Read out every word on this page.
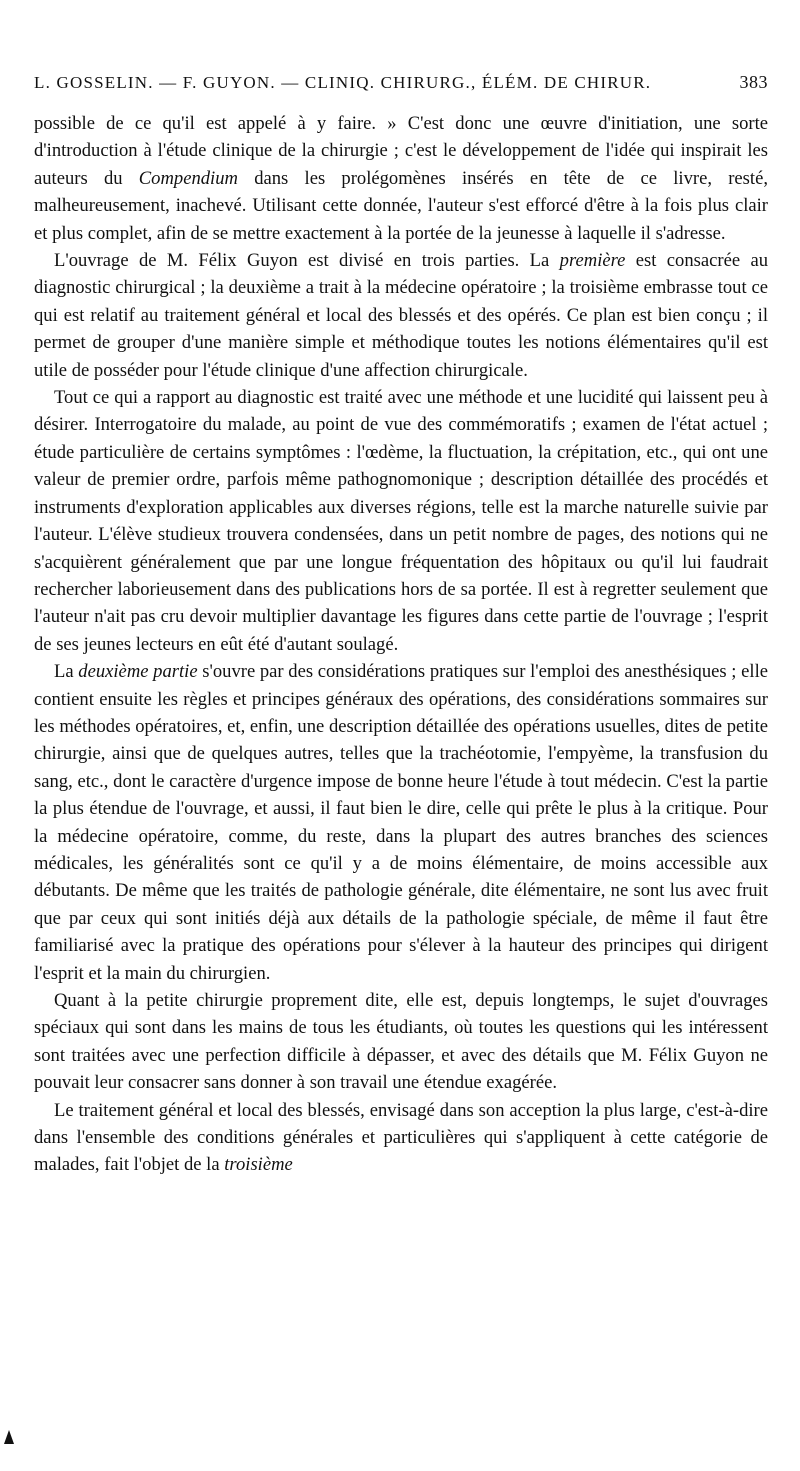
L. GOSSELIN. — F. GUYON. — CLINIQ. CHIRURG., ÉLÉM. DE CHIRUR.	383

possible de ce qu'il est appelé à y faire. » C'est donc une œuvre d'initiation, une sorte d'introduction à l'étude clinique de la chirurgie ; c'est le développement de l'idée qui inspirait les auteurs du Compendium dans les prolégomènes insérés en tête de ce livre, resté, malheureusement, inachevé. Utilisant cette donnée, l'auteur s'est efforcé d'être à la fois plus clair et plus complet, afin de se mettre exactement à la portée de la jeunesse à laquelle il s'adresse.

L'ouvrage de M. Félix Guyon est divisé en trois parties. La première est consacrée au diagnostic chirurgical ; la deuxième a trait à la médecine opératoire ; la troisième embrasse tout ce qui est relatif au traitement général et local des blessés et des opérés. Ce plan est bien conçu ; il permet de grouper d'une manière simple et méthodique toutes les notions élémentaires qu'il est utile de posséder pour l'étude clinique d'une affection chirurgicale.

Tout ce qui a rapport au diagnostic est traité avec une méthode et une lucidité qui laissent peu à désirer. Interrogatoire du malade, au point de vue des commémoratifs ; examen de l'état actuel ; étude particulière de certains symptômes : l'œdème, la fluctuation, la crépitation, etc., qui ont une valeur de premier ordre, parfois même pathognomonique ; description détaillée des procédés et instruments d'exploration applicables aux diverses régions, telle est la marche naturelle suivie par l'auteur. L'élève studieux trouvera condensées, dans un petit nombre de pages, des notions qui ne s'acquièrent généralement que par une longue fréquentation des hôpitaux ou qu'il lui faudrait rechercher laborieusement dans des publications hors de sa portée. Il est à regretter seulement que l'auteur n'ait pas cru devoir multiplier davantage les figures dans cette partie de l'ouvrage ; l'esprit de ses jeunes lecteurs en eût été d'autant soulagé.

La deuxième partie s'ouvre par des considérations pratiques sur l'emploi des anesthésiques ; elle contient ensuite les règles et principes généraux des opérations, des considérations sommaires sur les méthodes opératoires, et, enfin, une description détaillée des opérations usuelles, dites de petite chirurgie, ainsi que de quelques autres, telles que la trachéotomie, l'empyème, la transfusion du sang, etc., dont le caractère d'urgence impose de bonne heure l'étude à tout médecin. C'est la partie la plus étendue de l'ouvrage, et aussi, il faut bien le dire, celle qui prête le plus à la critique. Pour la médecine opératoire, comme, du reste, dans la plupart des autres branches des sciences médicales, les généralités sont ce qu'il y a de moins élémentaire, de moins accessible aux débutants. De même que les traités de pathologie générale, dite élémentaire, ne sont lus avec fruit que par ceux qui sont initiés déjà aux détails de la pathologie spéciale, de même il faut être familiarisé avec la pratique des opérations pour s'élever à la hauteur des principes qui dirigent l'esprit et la main du chirurgien.

Quant à la petite chirurgie proprement dite, elle est, depuis longtemps, le sujet d'ouvrages spéciaux qui sont dans les mains de tous les étudiants, où toutes les questions qui les intéressent sont traitées avec une perfection difficile à dépasser, et avec des détails que M. Félix Guyon ne pouvait leur consacrer sans donner à son travail une étendue exagérée.

Le traitement général et local des blessés, envisagé dans son acception la plus large, c'est-à-dire dans l'ensemble des conditions générales et particulières qui s'appliquent à cette catégorie de malades, fait l'objet de la troisième
